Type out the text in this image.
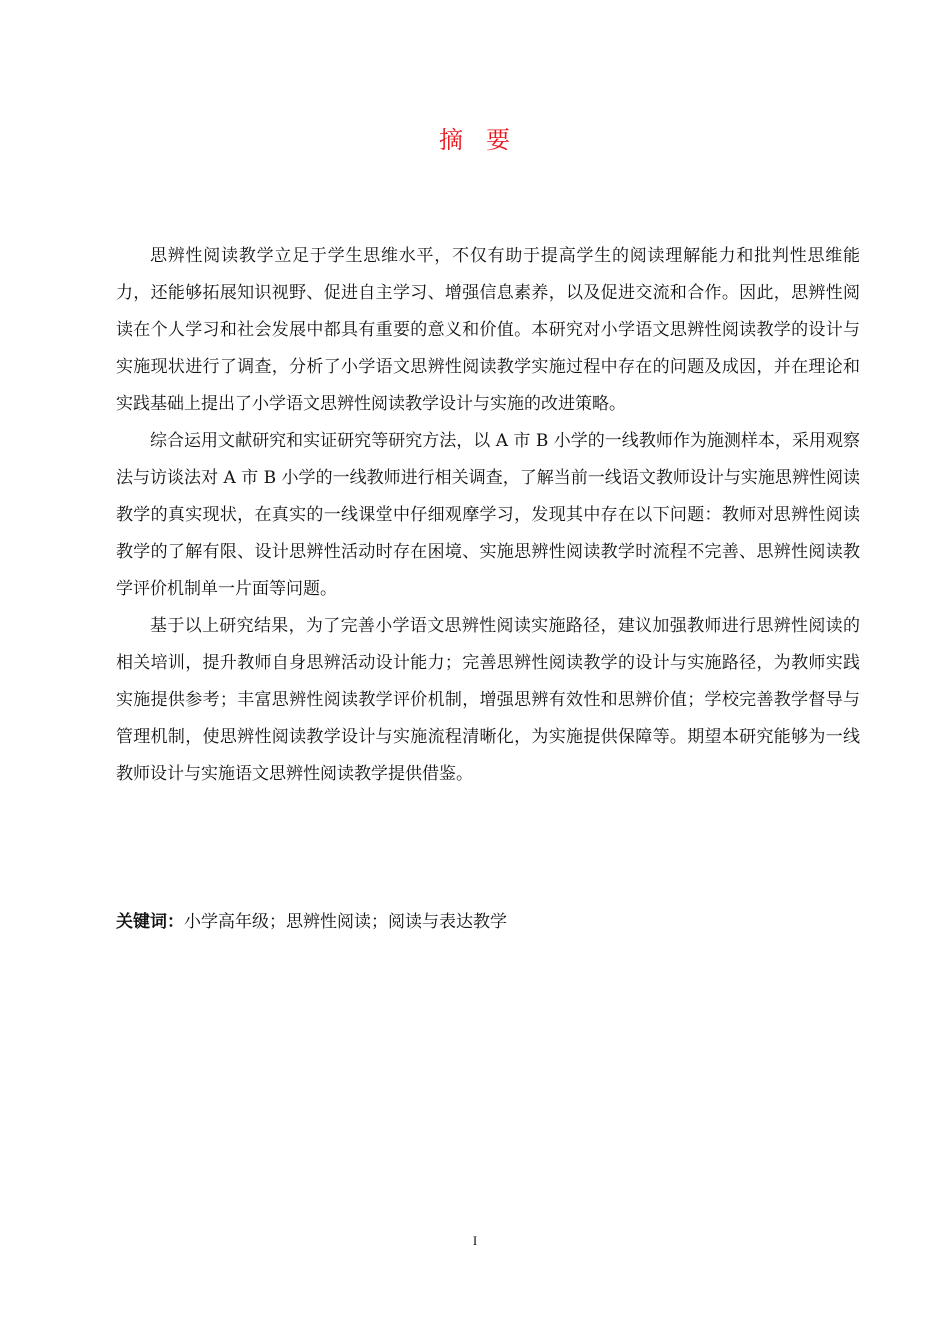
摘 要

思辨性阅读教学立足于学生思维水平，不仅有助于提高学生的阅读理解能力和批判性思维能力，还能够拓展知识视野、促进自主学习、增强信息素养，以及促进交流和合作。因此，思辨性阅读在个人学习和社会发展中都具有重要的意义和价值。本研究对小学语文思辨性阅读教学的设计与实施现状进行了调查，分析了小学语文思辨性阅读教学实施过程中存在的问题及成因，并在理论和实践基础上提出了小学语文思辨性阅读教学设计与实施的改进策略。

综合运用文献研究和实证研究等研究方法，以 A 市 B 小学的一线教师作为施测样本，采用观察法与访谈法对 A 市 B 小学的一线教师进行相关调查，了解当前一线语文教师设计与实施思辨性阅读教学的真实现状，在真实的一线课堂中仔细观摩学习，发现其中存在以下问题：教师对思辨性阅读教学的了解有限、设计思辨性活动时存在困境、实施思辨性阅读教学时流程不完善、思辨性阅读教学评价机制单一片面等问题。

基于以上研究结果，为了完善小学语文思辨性阅读实施路径，建议加强教师进行思辨性阅读的相关培训，提升教师自身思辨活动设计能力；完善思辨性阅读教学的设计与实施路径，为教师实践实施提供参考；丰富思辨性阅读教学评价机制，增强思辨有效性和思辨价值；学校完善教学督导与管理机制，使思辨性阅读教学设计与实施流程清晰化，为实施提供保障等。期望本研究能够为一线教师设计与实施语文思辨性阅读教学提供借鉴。

关键词：小学高年级；思辨性阅读；阅读与表达教学
I
